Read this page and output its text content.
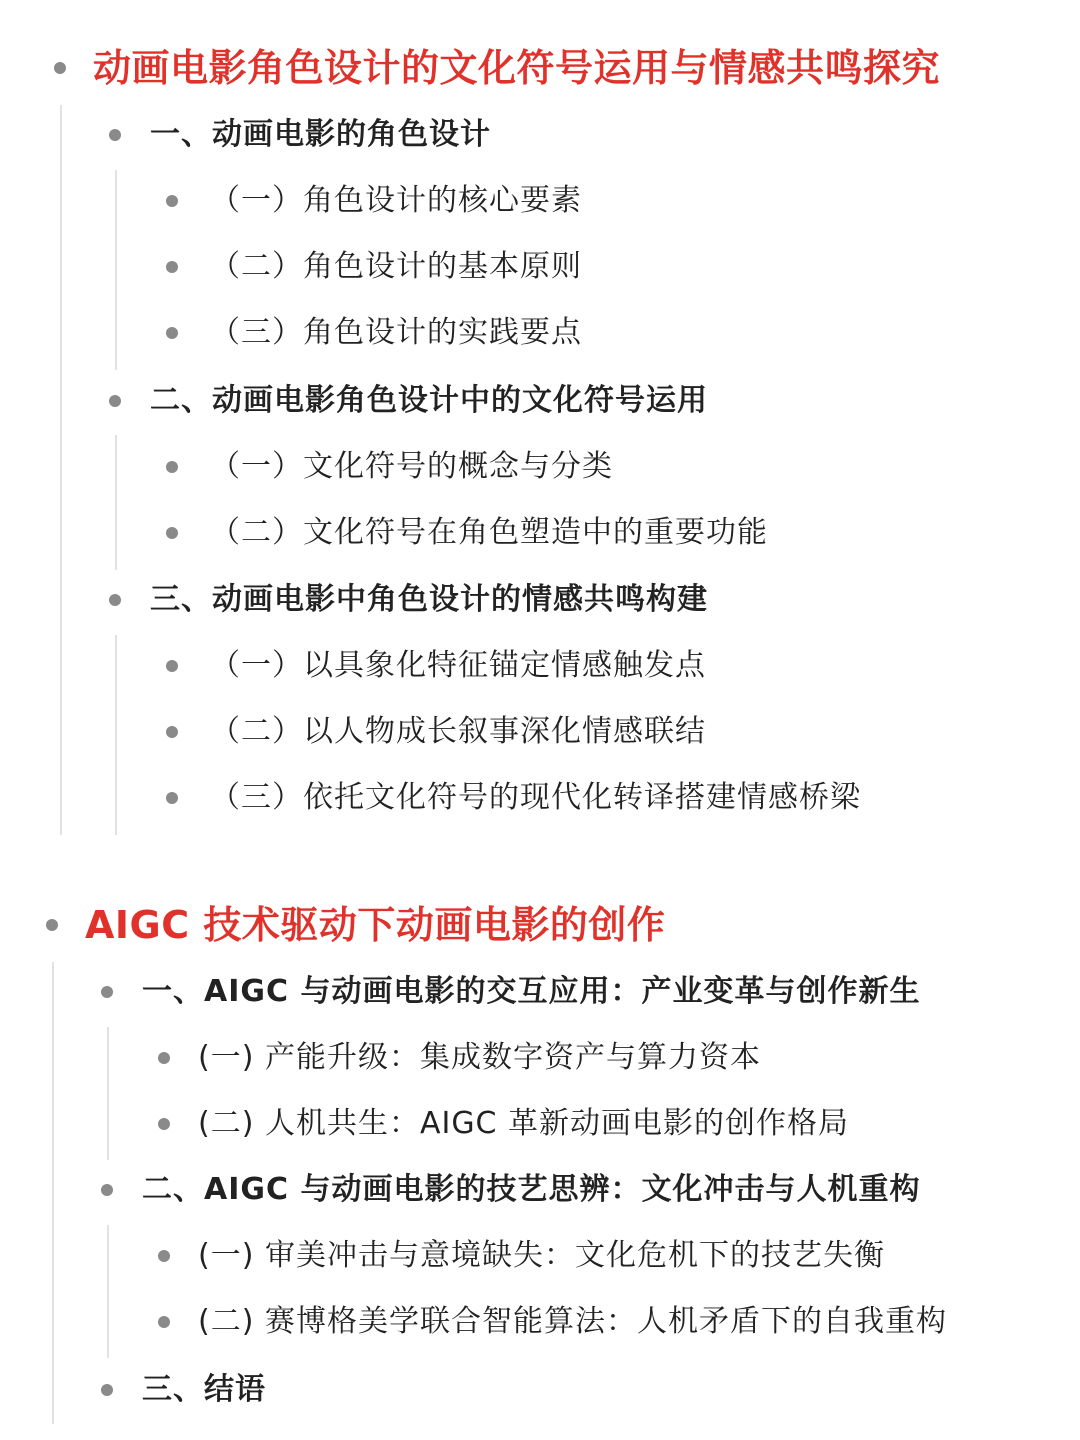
动画电影角色设计的文化符号运用与情感共鸣探究
一、动画电影的角色设计
（一）角色设计的核心要素
（二）角色设计的基本原则
（三）角色设计的实践要点
二、动画电影角色设计中的文化符号运用
（一）文化符号的概念与分类
（二）文化符号在角色塑造中的重要功能
三、动画电影中角色设计的情感共鸣构建
（一）以具象化特征锚定情感触发点
（二）以人物成长叙事深化情感联结
（三）依托文化符号的现代化转译搭建情感桥梁
AIGC 技术驱动下动画电影的创作
一、AIGC 与动画电影的交互应用：产业变革与创作新生
(一) 产能升级：集成数字资产与算力资本
(二) 人机共生：AIGC 革新动画电影的创作格局
二、AIGC 与动画电影的技艺思辨：文化冲击与人机重构
(一) 审美冲击与意境缺失：文化危机下的技艺失衡
(二) 赛博格美学联合智能算法：人机矛盾下的自我重构
三、结语
